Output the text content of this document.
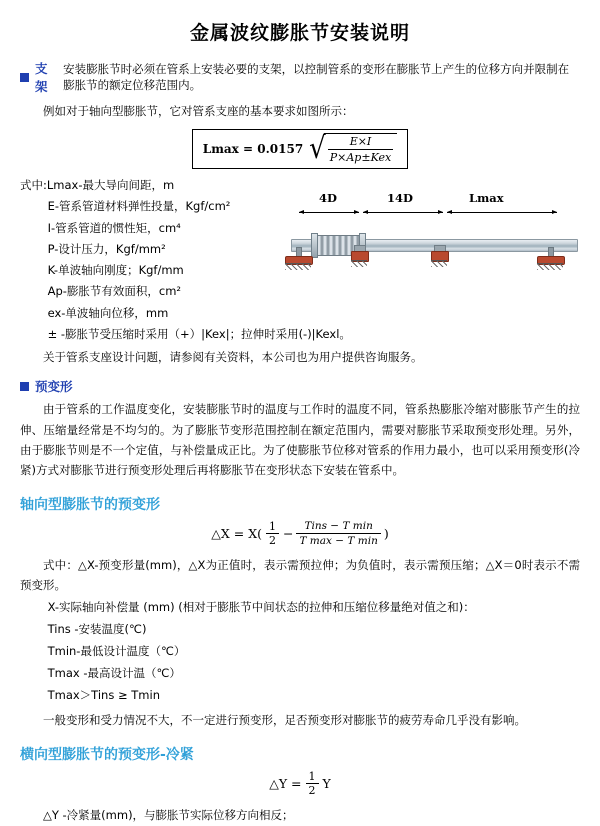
金属波纹膨胀节安装说明
支架
安装膨胀节时必须在管系上安装必要的支架，以控制管系的变形在膨胀节上产生的位移方向并限制在膨胀节的额定位移范围内。
例如对于轴向型膨胀节，它对管系支座的基本要求如图所示：
Lmax = 0.0157 √
$\frac{E\times I}{\text{P×Ap±Kex}}$
式中:Lmax-最大导向间距，m
E-管系管道材料弹性投量，Kgf/cm²
I-管系管道的惯性矩，cm⁴
P-设计压力，Kgf/mm²
K-单波轴向刚度；Kgf/mm
Ap-膨胀节有效面积，cm²
ex-单波轴向位移，mm
± -膨胀节受压缩时采用（+）|Kex|；拉伸时采用(-)|Kexl。
4D	14D	Lmax
关于管系支座设计问题，请参阅有关资料，本公司也为用户提供咨询服务。
预变形
由于管系的工作温度变化，安装膨胀节时的温度与工作时的温度不同，管系热膨胀冷缩对膨胀节产生的拉伸、压缩量经常是不均匀的。为了膨胀节变形范围控制在额定范围内，需要对膨胀节采取预变形处理。另外，由于膨胀节则是不一个定值，与补偿量成正比。为了使膨胀节位移对管系的作用力最小，也可以采用预变形(冷紧)方式对膨胀节进行预变形处理后再将膨胀节在变形状态下安装在管系中。
轴向型膨胀节的预变形
△X = X( 1
2 − Tins − T min
T max − T min )
式中：△X-预变形量(mm)，△X为正值时，表示需预拉伸；为负值时，表示需预压缩；△X＝0时表示不需预变形。
X-实际轴向补偿量 (mm) (相对于膨胀节中间状态的拉伸和压缩位移量绝对值之和)：
Tins -安装温度(℃)
Tmin-最低设计温度（℃）
Tmax -最高设计温（℃）
Tmax＞Tins ≥ Tmin
一般变形和受力情况不大，不一定进行预变形，足否预变形对膨胀节的疲劳寿命几乎没有影响。
横向型膨胀节的预变形-冷紧
△Y = $\frac{1}{2}$ Y
△Y -冷紧量(mm)，与膨胀节实际位移方向相反；
